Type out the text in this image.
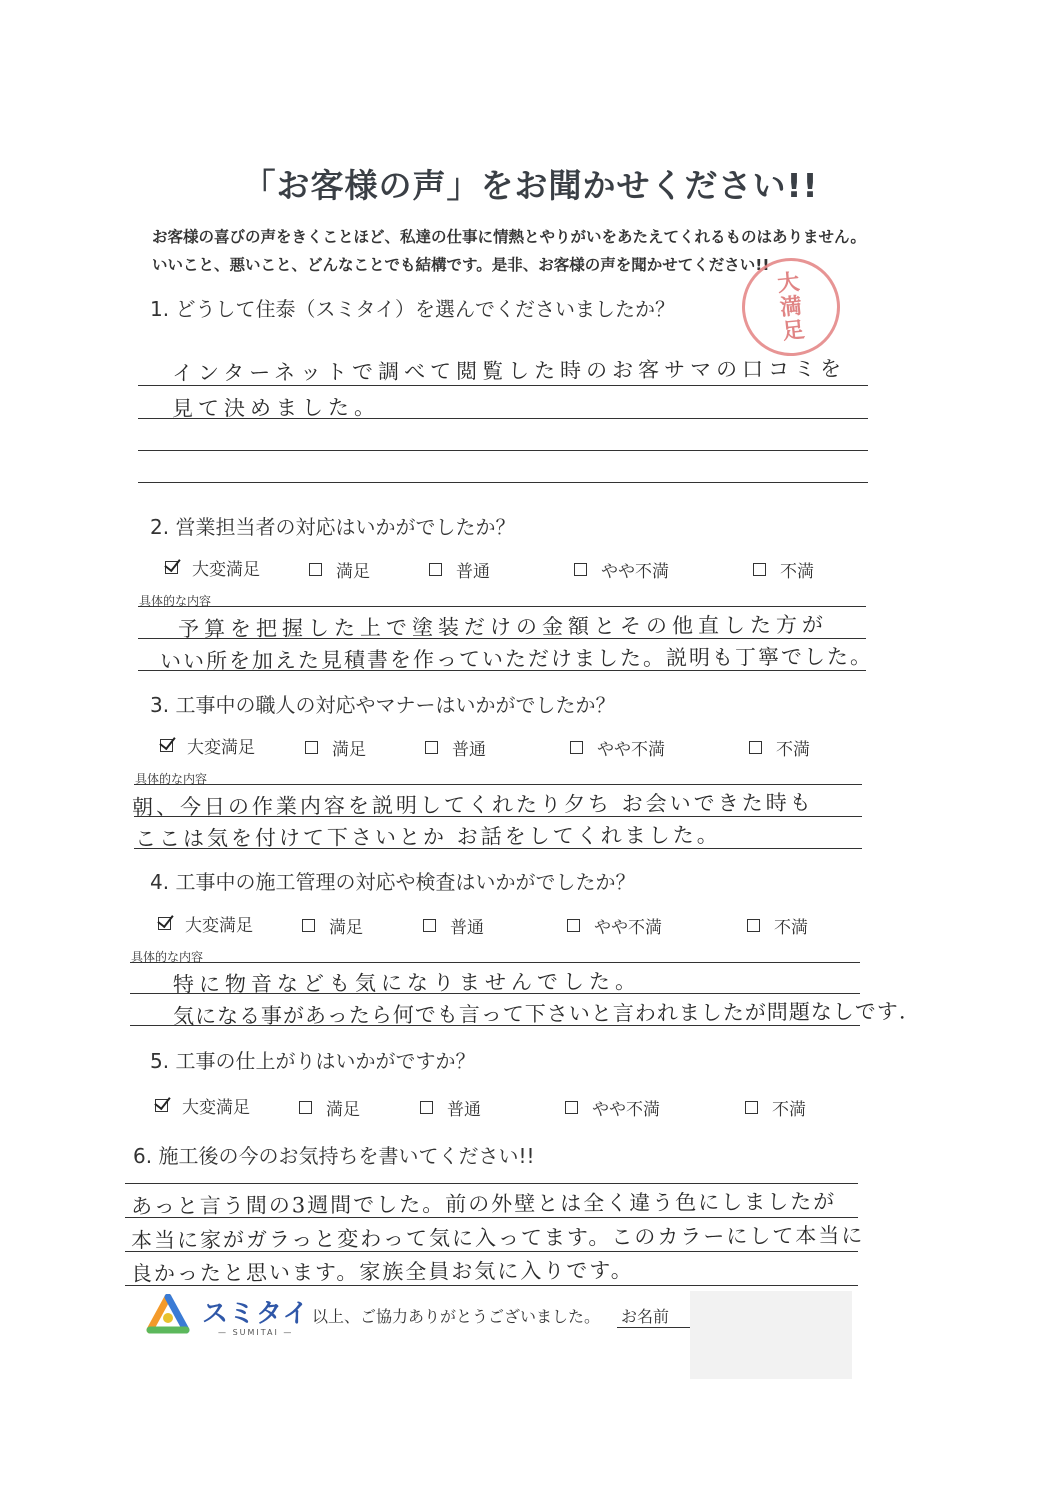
「お客様の声」をお聞かせください!!
お客様の喜びの声をきくことほど、私達の仕事に情熱とやりがいをあたえてくれるものはありません。
いいこと、悪いこと、どんなことでも結構です。是非、お客様の声を聞かせてください!!
大
満
足
1. どうして住泰（スミタイ）を選んでくださいましたか？
インターネットで調べて閲覧した時のお客サマの口コミを
見て決めました。
2. 営業担当者の対応はいかがでしたか？
大変満足	満足	普通	やや不満	不満
具体的な内容
予算を把握した上で塗装だけの金額とその他直した方が
いい所を加えた見積書を作っていただけました。説明も丁寧でした。
3. 工事中の職人の対応やマナーはいかがでしたか？
大変満足	満足	普通	やや不満	不満
具体的な内容
朝、今日の作業内容を説明してくれたり夕ち お会いできた時も
ここは気を付けて下さいとか お話をしてくれました。
4. 工事中の施工管理の対応や検査はいかがでしたか？
大変満足	満足	普通	やや不満	不満
具体的な内容
特に物音なども気になりませんでした。
気になる事があったら何でも言って下さいと言われましたが問題なしです.
5. 工事の仕上がりはいかがですか？
大変満足	満足	普通	やや不満	不満
6. 施工後の今のお気持ちを書いてください!!
あっと言う間の3週間でした。前の外壁とは全く違う色にしましたが
本当に家がガラっと変わって気に入ってます。このカラーにして本当に
良かったと思います。家族全員お気に入りです。
スミタイ
— SUMITAI —
以上、ご協力ありがとうございました。 お名前
